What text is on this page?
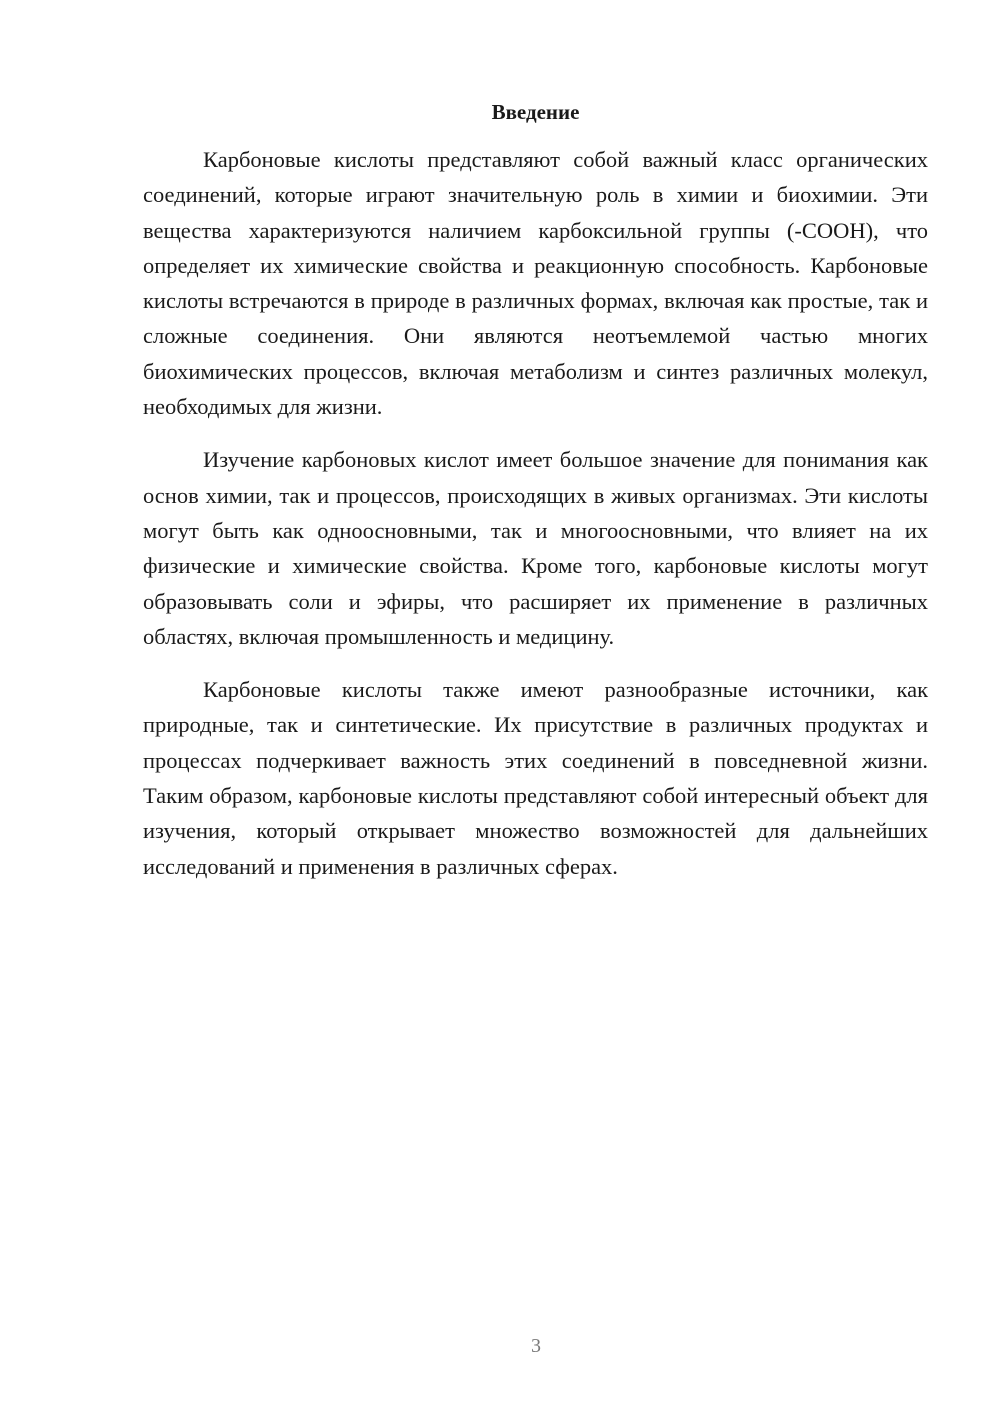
Введение

Карбоновые кислоты представляют собой важный класс органических соединений, которые играют значительную роль в химии и биохимии. Эти вещества характеризуются наличием карбоксильной группы (-COOH), что определяет их химические свойства и реакционную способность. Карбоновые кислоты встречаются в природе в различных формах, включая как простые, так и сложные соединения. Они являются неотъемлемой частью многих биохимических процессов, включая метаболизм и синтез различных молекул, необходимых для жизни.

Изучение карбоновых кислот имеет большое значение для понимания как основ химии, так и процессов, происходящих в живых организмах. Эти кислоты могут быть как одноосновными, так и многоосновными, что влияет на их физические и химические свойства. Кроме того, карбоновые кислоты могут образовывать соли и эфиры, что расширяет их применение в различных областях, включая промышленность и медицину.

Карбоновые кислоты также имеют разнообразные источники, как природные, так и синтетические. Их присутствие в различных продуктах и процессах подчеркивает важность этих соединений в повседневной жизни. Таким образом, карбоновые кислоты представляют собой интересный объект для изучения, который открывает множество возможностей для дальнейших исследований и применения в различных сферах.

3
